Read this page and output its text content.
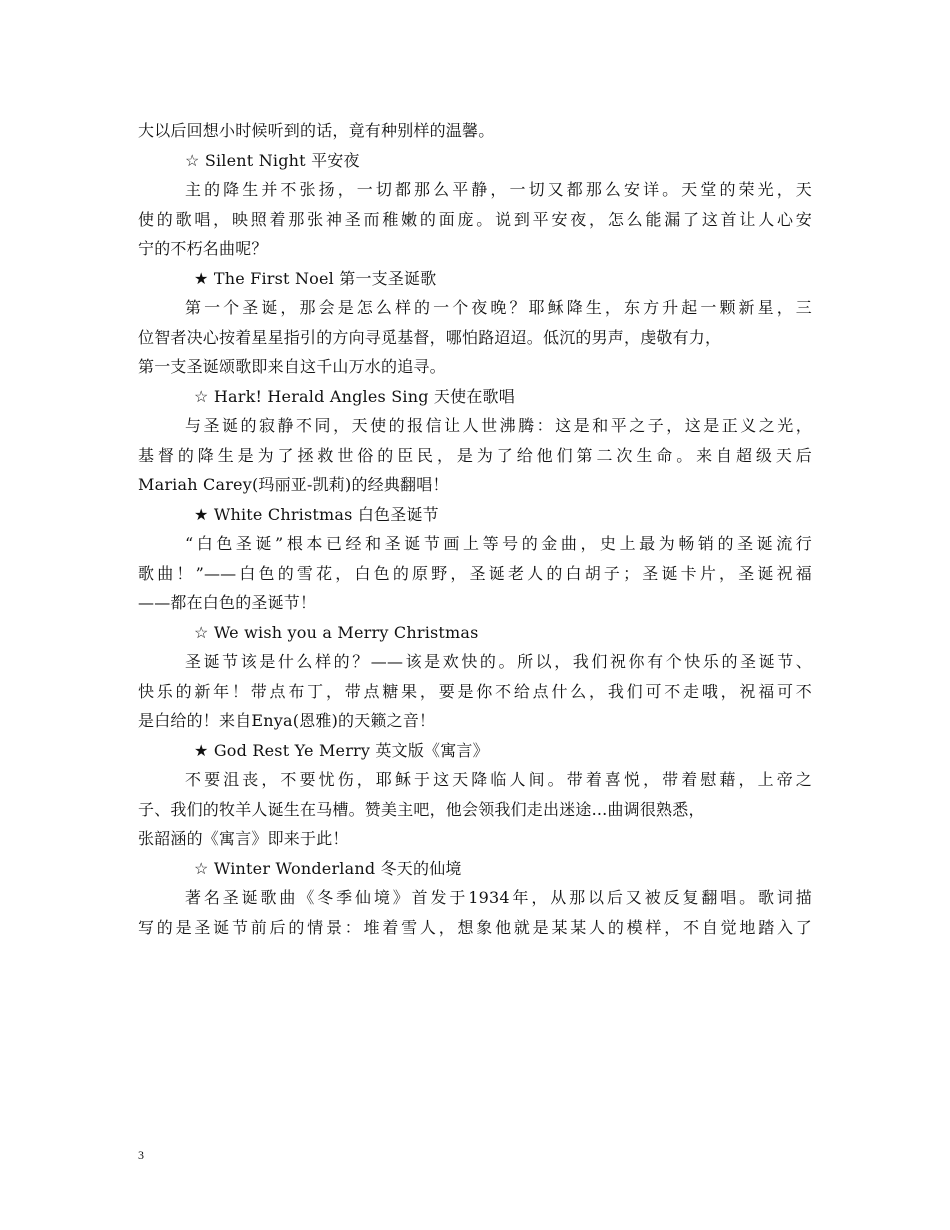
大以后回想小时候听到的话，竟有种别样的温馨。
☆ Silent Night 平安夜
主的降生并不张扬，一切都那么平静，一切又都那么安详。天堂的荣光，天
使的歌唱，映照着那张神圣而稚嫩的面庞。说到平安夜，怎么能漏了这首让人心安
宁的不朽名曲呢？
★ The First Noel 第一支圣诞歌
第一个圣诞，那会是怎么样的一个夜晚？耶稣降生，东方升起一颗新星，三
位智者决心按着星星指引的方向寻觅基督，哪怕路迢迢。低沉的男声，虔敬有力，
第一支圣诞颂歌即来自这千山万水的追寻。
☆ Hark! Herald Angles Sing 天使在歌唱
与圣诞的寂静不同，天使的报信让人世沸腾：这是和平之子，这是正义之光，
基督的降生是为了拯救世俗的臣民，是为了给他们第二次生命。来自超级天后
Mariah Carey(玛丽亚-凯莉)的经典翻唱！
★ White Christmas 白色圣诞节
“白色圣诞”根本已经和圣诞节画上等号的金曲，史上最为畅销的圣诞流行
歌曲！”——白色的雪花，白色的原野，圣诞老人的白胡子；圣诞卡片，圣诞祝福
——都在白色的圣诞节！
☆ We wish you a Merry Christmas
圣诞节该是什么样的？——该是欢快的。所以，我们祝你有个快乐的圣诞节、
快乐的新年！带点布丁，带点糖果，要是你不给点什么，我们可不走哦，祝福可不
是白给的！来自Enya(恩雅)的天籁之音！
★ God Rest Ye Merry 英文版《寓言》
不要沮丧，不要忧伤，耶稣于这天降临人间。带着喜悦，带着慰藉，上帝之
子、我们的牧羊人诞生在马槽。赞美主吧，他会领我们走出迷途...曲调很熟悉，
张韶涵的《寓言》即来于此！
☆ Winter Wonderland 冬天的仙境
著名圣诞歌曲《冬季仙境》首发于1934年，从那以后又被反复翻唱。歌词描
写的是圣诞节前后的情景：堆着雪人，想象他就是某某人的模样，不自觉地踏入了
3
